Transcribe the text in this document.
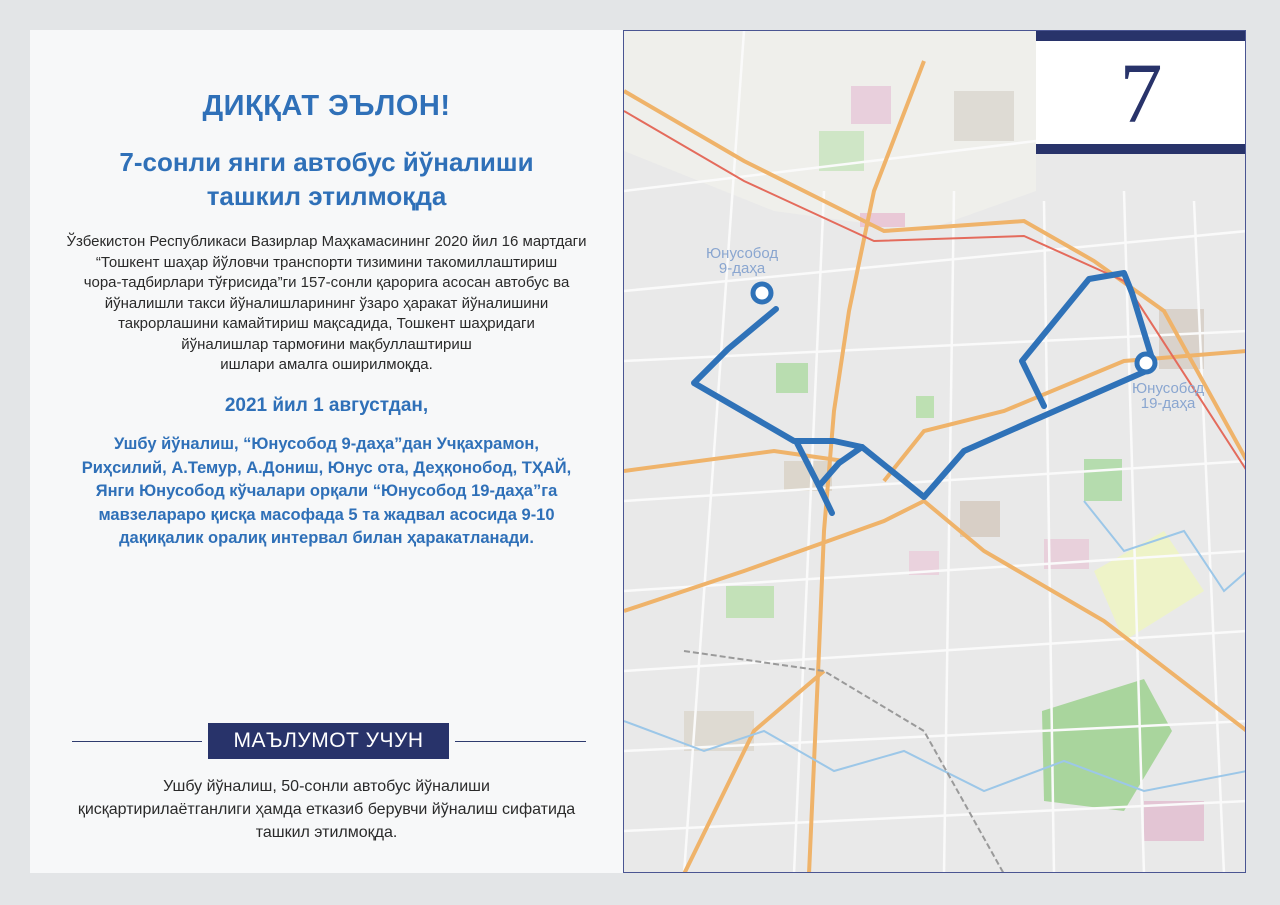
ДИҚҚАТ ЭЪЛОН!
7-сонли янги автобус йўналиши ташкил этилмоқда
Ўзбекистон Республикаси Вазирлар Маҳкамасининг 2020 йил 16 мартдаги
“Тошкент шаҳар йўловчи транспорти тизимини такомиллаштириш
чора-тадбирлари тўғрисида”ги 157-сонли қарорига асосан автобус ва
йўналишли такси йўналишларининг ўзаро ҳаракат йўналишини
такрорлашини камайтириш мақсадида, Тошкент шаҳридаги
йўналишлар тармоғини мақбуллаштириш
ишлари амалга оширилмоқда.
2021 йил 1 августдан,
Ушбу йўналиш, “Юнусобод 9-даҳа”дан Учқахрамон,
Риҳсилий, А.Темур, А.Дониш, Юнус ота, Деҳқонобод, ТҲАЙ,
Янги Юнусобод кўчалари орқали “Юнусобод 19-даҳа”га
мавзелараро қисқа масофада 5 та жадвал асосида 9-10
дақиқалик оралиқ интервал билан ҳаракатланади.
МАЪЛУМОТ УЧУН
Ушбу йўналиш, 50-сонли автобус йўналиши
қисқартирилаётганлиги ҳамда етказиб берувчи йўналиш сифатида
ташкил этилмоқда.
Юнусобод
9-даҳа
Юнусобод
19-даҳа
7
